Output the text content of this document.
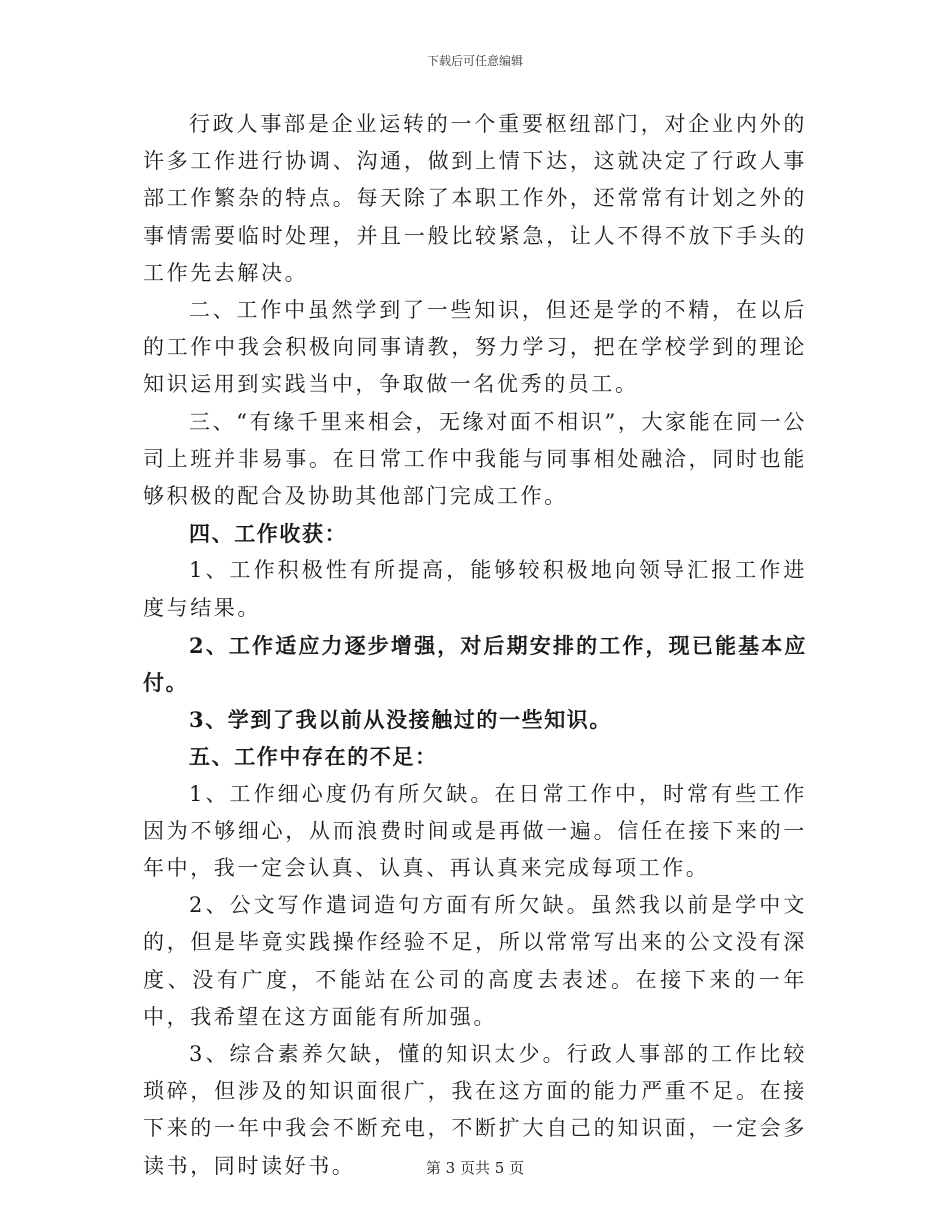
下载后可任意编辑

行政人事部是企业运转的一个重要枢纽部门，对企业内外的许多工作进行协调、沟通，做到上情下达，这就决定了行政人事部工作繁杂的特点。每天除了本职工作外，还常常有计划之外的事情需要临时处理，并且一般比较紧急，让人不得不放下手头的工作先去解决。

二、工作中虽然学到了一些知识，但还是学的不精，在以后的工作中我会积极向同事请教，努力学习，把在学校学到的理论知识运用到实践当中，争取做一名优秀的员工。

三、“有缘千里来相会，无缘对面不相识”，大家能在同一公司上班并非易事。在日常工作中我能与同事相处融洽，同时也能够积极的配合及协助其他部门完成工作。

四、工作收获：

1、工作积极性有所提高，能够较积极地向领导汇报工作进度与结果。

2、工作适应力逐步增强，对后期安排的工作，现已能基本应付。

3、学到了我以前从没接触过的一些知识。

五、工作中存在的不足：

1、工作细心度仍有所欠缺。在日常工作中，时常有些工作因为不够细心，从而浪费时间或是再做一遍。信任在接下来的一年中，我一定会认真、认真、再认真来完成每项工作。

2、公文写作遣词造句方面有所欠缺。虽然我以前是学中文的，但是毕竟实践操作经验不足，所以常常写出来的公文没有深度、没有广度，不能站在公司的高度去表述。在接下来的一年中，我希望在这方面能有所加强。

3、综合素养欠缺，懂的知识太少。行政人事部的工作比较琐碎，但涉及的知识面很广，我在这方面的能力严重不足。在接下来的一年中我会不断充电，不断扩大自己的知识面，一定会多读书，同时读好书。	第 3 页共 5 页
